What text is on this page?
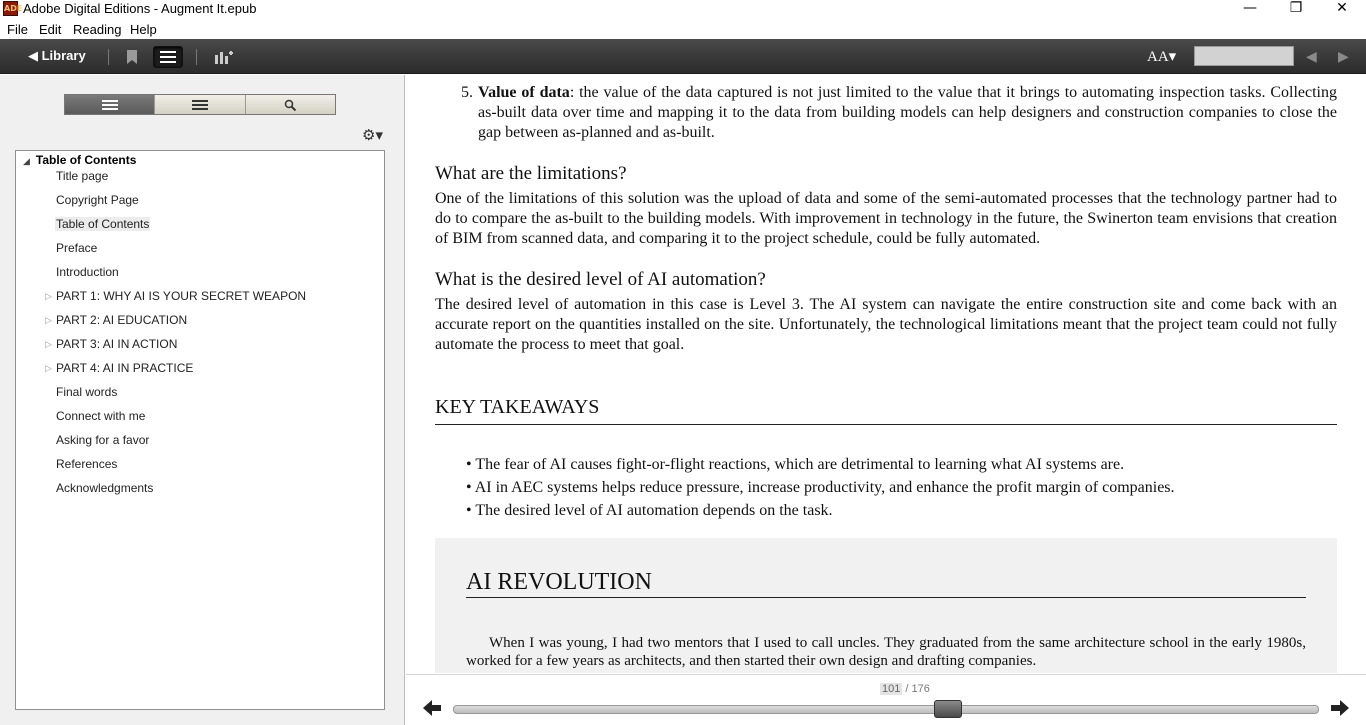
ADE Adobe Digital Editions - Augment It.epub	—	❐	✕
File Edit Reading Help
◀ Library	AA▾	◀ ▶
⚙▾
◢ Table of Contents
Title page
Copyright Page
Table of Contents
Preface
Introduction
▷ PART 1: WHY AI IS YOUR SECRET WEAPON
▷ PART 2: AI EDUCATION
▷ PART 3: AI IN ACTION
▷ PART 4: AI IN PRACTICE
Final words
Connect with me
Asking for a favor
References
Acknowledgments
5. Value of data: the value of the data captured is not just limited to the value that it brings to automating inspection tasks. Collecting as-built data over time and mapping it to the data from building models can help designers and construction companies to close the gap between as-planned and as-built.
What are the limitations?
One of the limitations of this solution was the upload of data and some of the semi-automated processes that the technology partner had to do to compare the as-built to the building models. With improvement in technology in the future, the Swinerton team envisions that creation of BIM from scanned data, and comparing it to the project schedule, could be fully automated.
What is the desired level of AI automation?
The desired level of automation in this case is Level 3. The AI system can navigate the entire construction site and come back with an accurate report on the quantities installed on the site. Unfortunately, the technological limitations meant that the project team could not fully automate the process to meet that goal.
KEY TAKEAWAYS
• The fear of AI causes fight-or-flight reactions, which are detrimental to learning what AI systems are.
• AI in AEC systems helps reduce pressure, increase productivity, and enhance the profit margin of companies.
• The desired level of AI automation depends on the task.
AI REVOLUTION
When I was young, I had two mentors that I used to call uncles. They graduated from the same architecture school in the early 1980s, worked for a few years as architects, and then started their own design and drafting companies.
101 / 176
